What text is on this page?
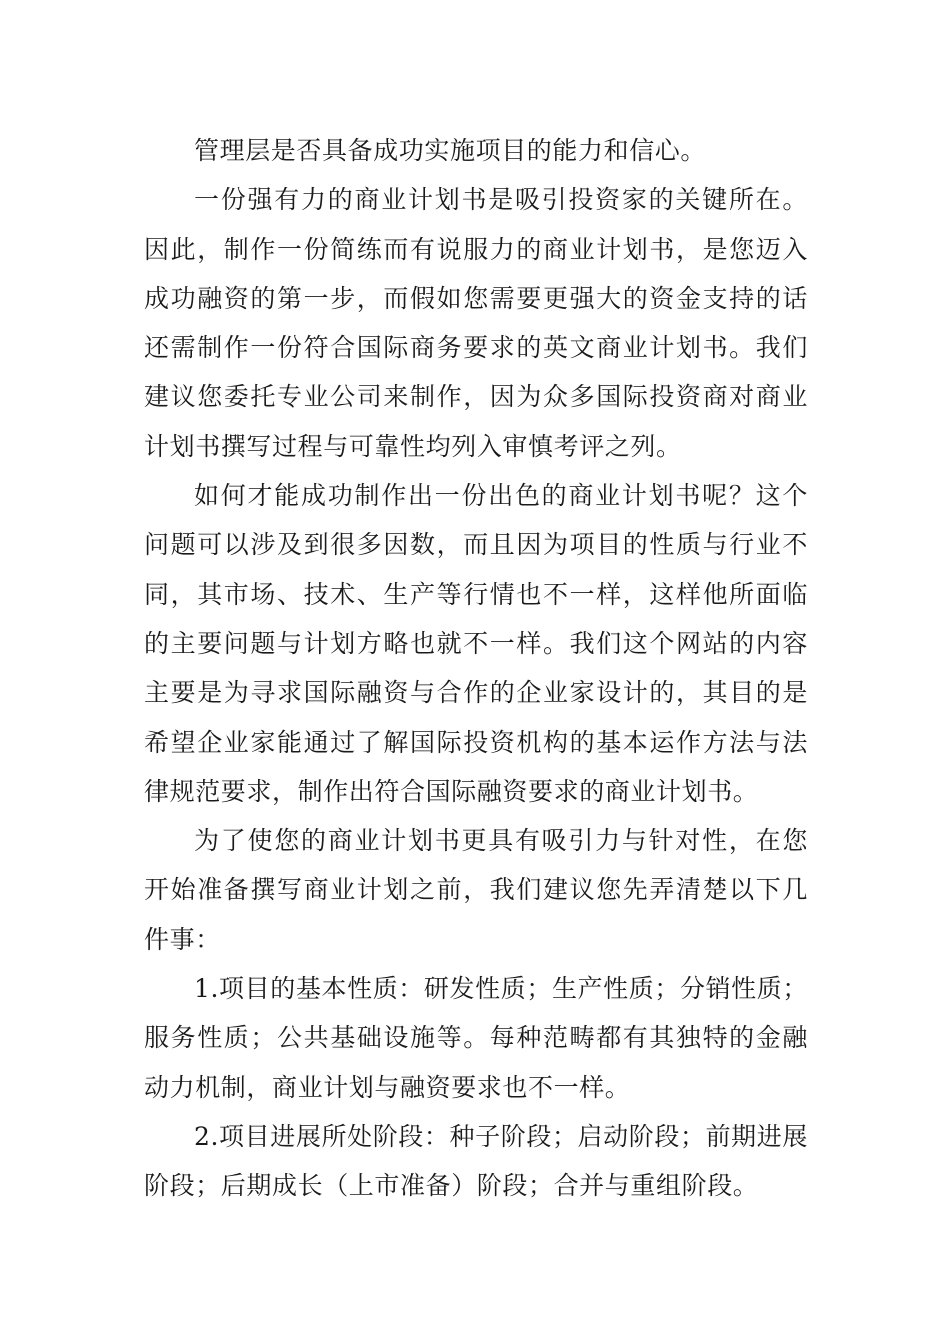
管理层是否具备成功实施项目的能力和信心。

一份强有力的商业计划书是吸引投资家的关键所在。因此，制作一份简练而有说服力的商业计划书，是您迈入成功融资的第一步，而假如您需要更强大的资金支持的话还需制作一份符合国际商务要求的英文商业计划书。我们建议您委托专业公司来制作，因为众多国际投资商对商业计划书撰写过程与可靠性均列入审慎考评之列。

如何才能成功制作出一份出色的商业计划书呢？这个问题可以涉及到很多因数，而且因为项目的性质与行业不同，其市场、技术、生产等行情也不一样，这样他所面临的主要问题与计划方略也就不一样。我们这个网站的内容主要是为寻求国际融资与合作的企业家设计的，其目的是希望企业家能通过了解国际投资机构的基本运作方法与法律规范要求，制作出符合国际融资要求的商业计划书。

为了使您的商业计划书更具有吸引力与针对性，在您开始准备撰写商业计划之前，我们建议您先弄清楚以下几件事：

1.项目的基本性质：研发性质；生产性质；分销性质；服务性质；公共基础设施等。每种范畴都有其独特的金融动力机制，商业计划与融资要求也不一样。

2.项目进展所处阶段：种子阶段；启动阶段；前期进展阶段；后期成长（上市准备）阶段；合并与重组阶段。
